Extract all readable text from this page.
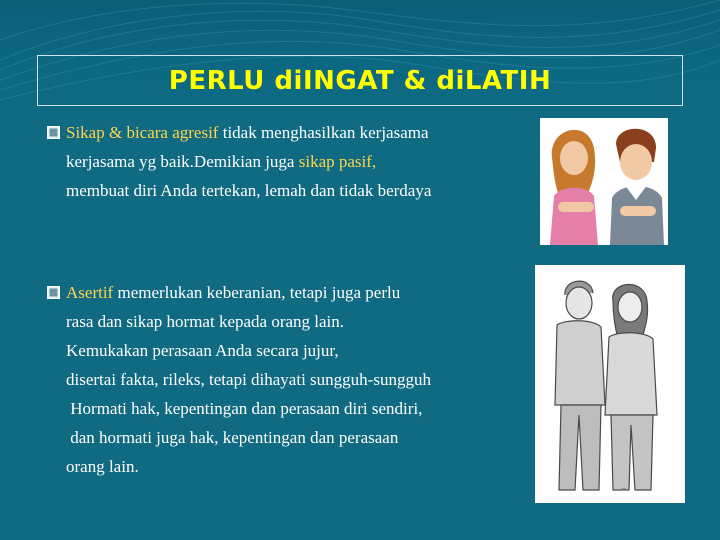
PERLU diINGAT & diLATIH
Sikap & bicara agresif tidak menghasilkan kerjasama
kerjasama yg baik.Demikian juga sikap pasif,
membuat diri Anda tertekan, lemah dan tidak berdaya
Asertif memerlukan keberanian, tetapi juga perlu
rasa dan sikap hormat kepada orang lain.
Kemukakan perasaan Anda secara jujur,
disertai fakta, rileks, tetapi dihayati sungguh-sungguh
Hormati hak, kepentingan dan perasaan diri sendiri,
dan hormati juga hak, kepentingan dan perasaan
orang lain.
~
